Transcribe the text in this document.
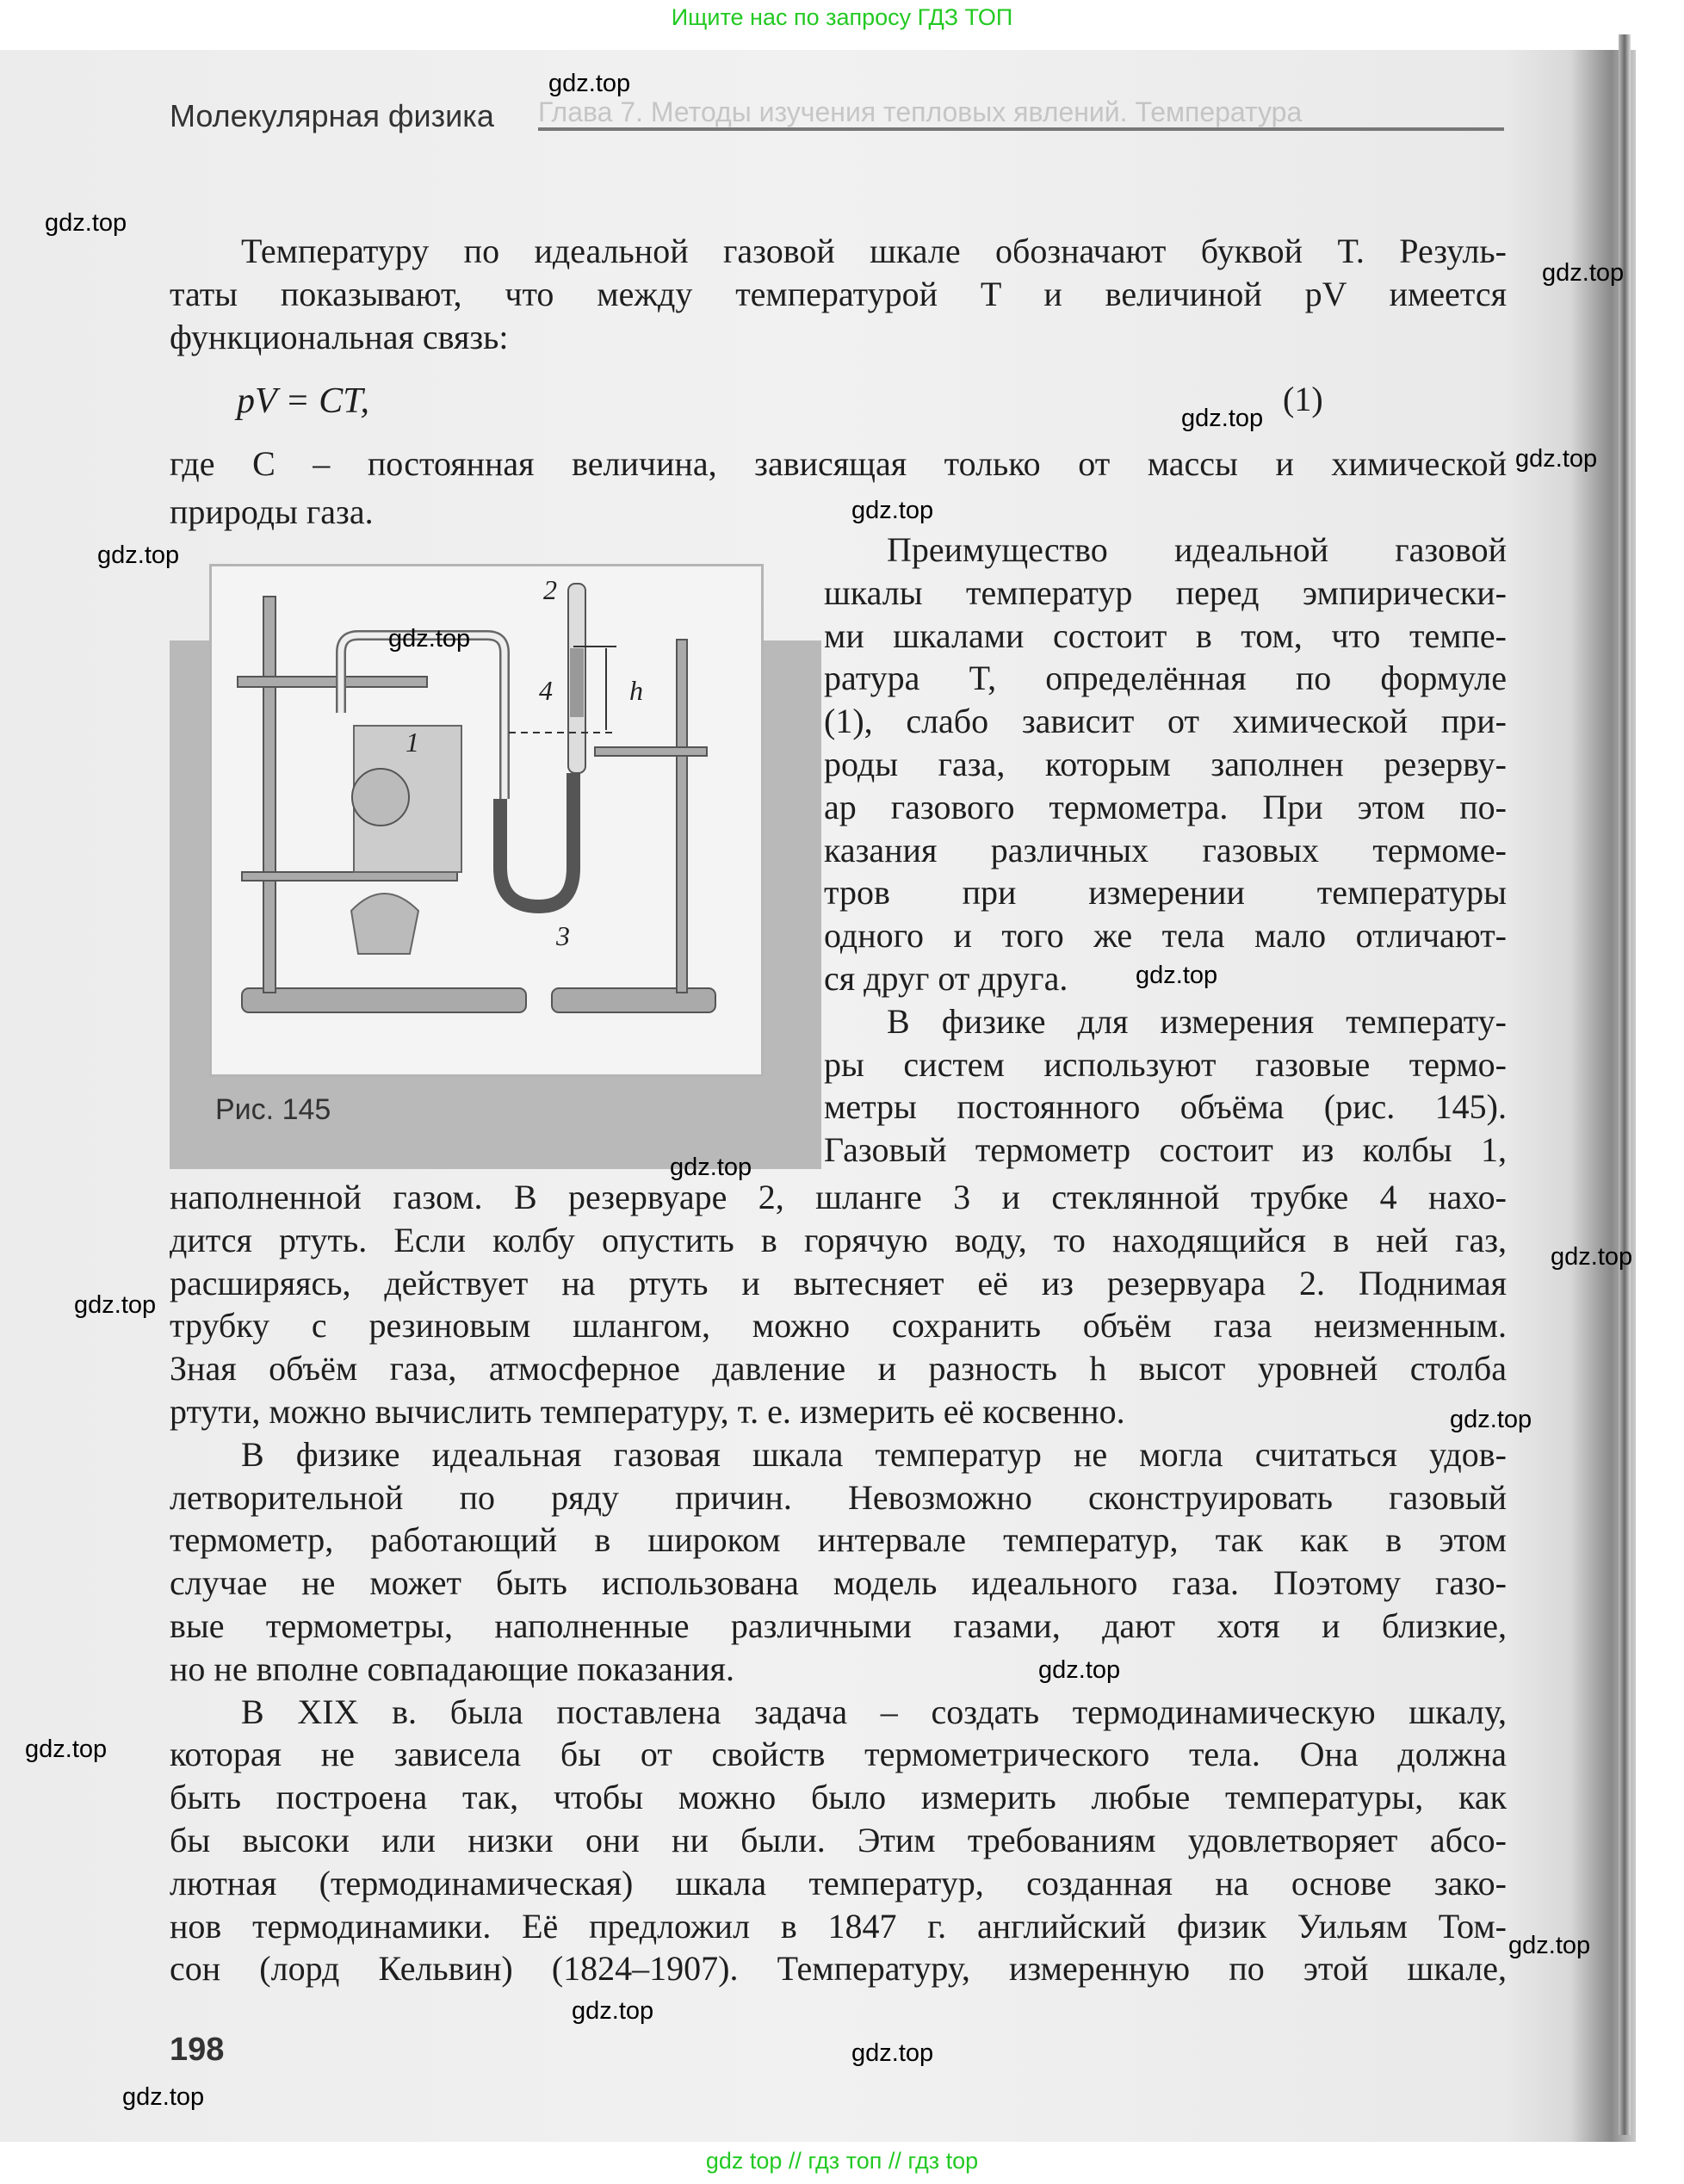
Ищите нас по запросу ГДЗ ТОП
Молекулярная физика Глава 7. Методы изучения тепловых явлений. Температура
Температуру по идеальной газовой шкале обозначают буквой T. Резуль-
таты показывают, что между температурой T и величиной pV имеется
функциональная связь:
pV = CT,	(1)
где C – постоянная величина, зависящая только от массы и химической
природы газа.
1
2
3
4	h
Рис. 145
Преимущество идеальной газовой
шкалы температур перед эмпирически-
ми шкалами состоит в том, что темпе-
ратура T, определённая по формуле
(1), слабо зависит от химической при-
роды газа, которым заполнен резерву-
ар газового термометра. При этом по-
казания различных газовых термоме-
тров при измерении температуры
одного и того же тела мало отличают-
ся друг от друга.
В физике для измерения температу-
ры систем используют газовые термо-
метры постоянного объёма (рис. 145).
Газовый термометр состоит из колбы 1,
наполненной газом. В резервуаре 2, шланге 3 и стеклянной трубке 4 нахо-
дится ртуть. Если колбу опустить в горячую воду, то находящийся в ней газ,
расширяясь, действует на ртуть и вытесняет её из резервуара 2. Поднимая
трубку с резиновым шлангом, можно сохранить объём газа неизменным.
Зная объём газа, атмосферное давление и разность h высот уровней столба
ртути, можно вычислить температуру, т. е. измерить её косвенно.
В физике идеальная газовая шкала температур не могла считаться удов-
летворительной по ряду причин. Невозможно сконструировать газовый
термометр, работающий в широком интервале температур, так как в этом
случае не может быть использована модель идеального газа. Поэтому газо-
вые термометры, наполненные различными газами, дают хотя и близкие,
но не вполне совпадающие показания.
В XIX в. была поставлена задача – создать термодинамическую шкалу,
которая не зависела бы от свойств термометрического тела. Она должна
быть построена так, чтобы можно было измерить любые температуры, как
бы высоки или низки они ни были. Этим требованиям удовлетворяет абсо-
лютная (термодинамическая) шкала температур, созданная на основе зако-
нов термодинамики. Её предложил в 1847 г. английский физик Уильям Том-
сон (лорд Кельвин) (1824–1907). Температуру, измеренную по этой шкале,
198
gdz.top
gdz.top
gdz.top
gdz.top
gdz.top
gdz.top
gdz.top
gdz.top
gdz.top
gdz.top
gdz.top
gdz.top
gdz.top
gdz.top
gdz.top
gdz.top
gdz.top
gdz.top
gdz.top
gdz top // гдз топ // гдз top
